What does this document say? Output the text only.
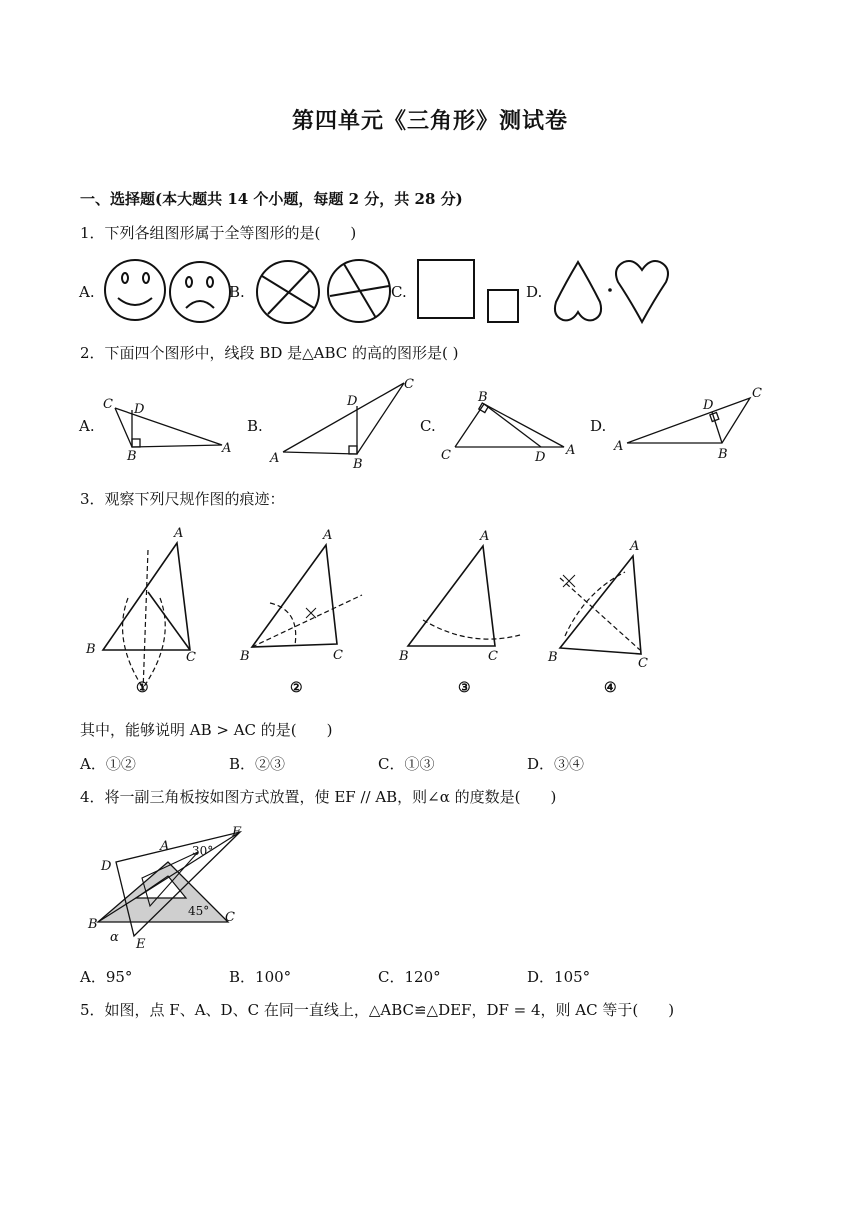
第四单元《三角形》测试卷
一、选择题(本大题共 14 个小题，每题 2 分，共 28 分)
1．下列各组图形属于全等图形的是(　　)
A.	B.	C.	D.
2．下面四个图形中，线段 BD 是△ABC 的高的图形是( )
A.	B.	C.	D.
C D
B
A
A
C
D
B
B
C	D A	A
C
D
B
3．观察下列尺规作图的痕迹：
A
B
C
①
A
B	C
②
A
B	C
③
A
B	C
④
其中，能够说明 AB > AC 的是(　　)
A．①②	B．②③	C．①③	D．③④
4．将一副三角板按如图方式放置，使 EF // AB，则∠α 的度数是(　　)
A
B	C
D
E
F
α
30°
45°
A．95°	B．100°	C．120°	D．105°
5．如图，点 F、A、D、C 在同一直线上，△ABC≌△DEF，DF = 4，则 AC 等于(　　)
